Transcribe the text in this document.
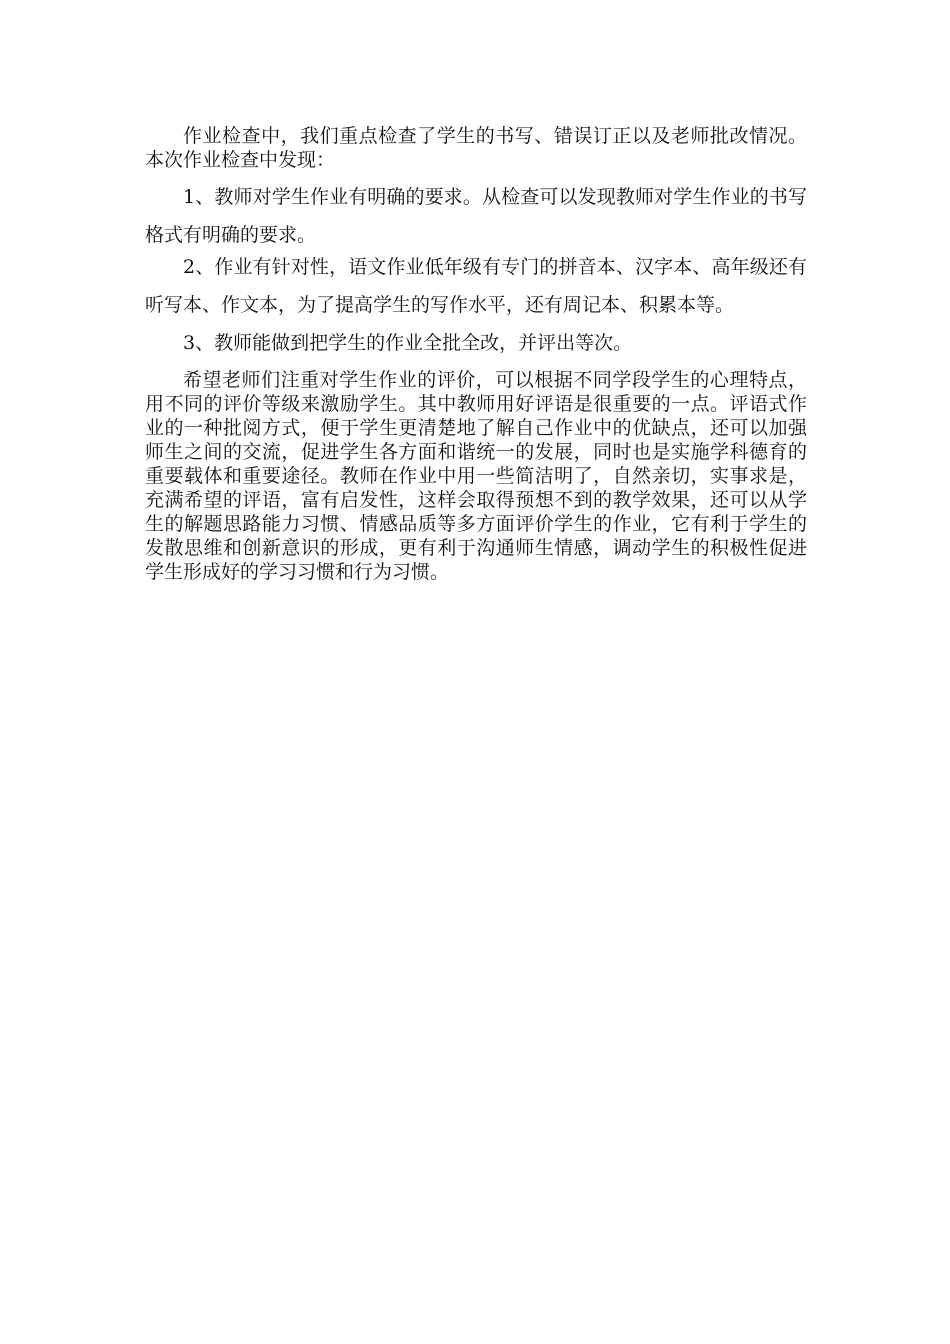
作业检查中，我们重点检查了学生的书写、错误订正以及老师批改情况。 本次作业检查中发现：

1、教师对学生作业有明确的要求。从检查可以发现教师对学生作业的书写格式有明确的要求。

2、作业有针对性，语文作业低年级有专门的拼音本、汉字本、高年级还有听写本、作文本，为了提高学生的写作水平，还有周记本、积累本等。

3、教师能做到把学生的作业全批全改，并评出等次。

希望老师们注重对学生作业的评价，可以根据不同学段学生的心理特点，用不同的评价等级来激励学生。其中教师用好评语是很重要的一点。评语式作业的一种批阅方式，便于学生更清楚地了解自己作业中的优缺点，还可以加强师生之间的交流，促进学生各方面和谐统一的发展，同时也是实施学科德育的重要载体和重要途径。教师在作业中用一些简洁明了，自然亲切，实事求是，充满希望的评语，富有启发性，这样会取得预想不到的教学效果，还可以从学生的解题思路能力习惯、情感品质等多方面评价学生的作业，它有利于学生的发散思维和创新意识的形成，更有利于沟通师生情感，调动学生的积极性促进学生形成好的学习习惯和行为习惯。
